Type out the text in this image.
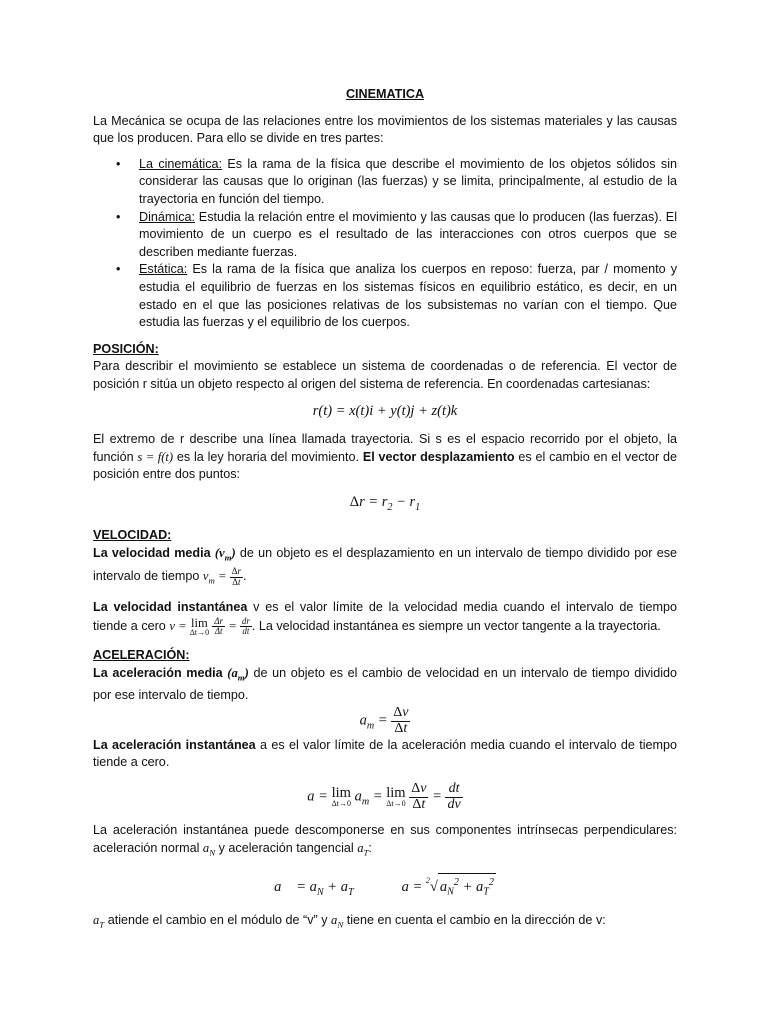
CINEMATICA

La Mecánica se ocupa de las relaciones entre los movimientos de los sistemas materiales y las causas que los producen. Para ello se divide en tres partes:

• La cinemática: Es la rama de la física que describe el movimiento de los objetos sólidos sin considerar las causas que lo originan (las fuerzas) y se limita, principalmente, al estudio de la trayectoria en función del tiempo.
• Dinámica: Estudia la relación entre el movimiento y las causas que lo producen (las fuerzas). El movimiento de un cuerpo es el resultado de las interacciones con otros cuerpos que se describen mediante fuerzas.
• Estática: Es la rama de la física que analiza los cuerpos en reposo: fuerza, par / momento y estudia el equilibrio de fuerzas en los sistemas físicos en equilibrio estático, es decir, en un estado en el que las posiciones relativas de los subsistemas no varían con el tiempo. Que estudia las fuerzas y el equilibrio de los cuerpos.
POSICIÓN:

Para describir el movimiento se establece un sistema de coordenadas o de referencia. El vector de posición r sitúa un objeto respecto al origen del sistema de referencia. En coordenadas cartesianas:

r(t) = x(t)i + y(t)j + z(t)k

El extremo de r describe una línea llamada trayectoria. Si s es el espacio recorrido por el objeto, la función s = f(t) es la ley horaria del movimiento. El vector desplazamiento es el cambio en el vector de posición entre dos puntos:

$\Delta r = r_2 - r_1$
VELOCIDAD:

La velocidad media $(v_m)$ de un objeto es el desplazamiento en un intervalo de tiempo dividido por ese intervalo de tiempo $v_m = \frac{\Delta r}{\Delta t}$ .

La velocidad instantánea v es el valor límite de la velocidad media cuando el intervalo de tiempo tiende a cero v = lim
Δt→0
$\frac{\Delta r}{\Delta t} = \frac{dr}{dt}$ . La velocidad instantánea es siempre un vector tangente a la trayectoria.

ACELERACIÓN:

La aceleración media $(a_m)$ de un objeto es el cambio de velocidad en un intervalo de tiempo dividido por ese intervalo de tiempo.

$a_m = \frac{\Delta v}{\Delta t}$

La aceleración instantánea a es el valor límite de la aceleración media cuando el intervalo de tiempo tiende a cero.

a = lim
Δt→0 $a_m = \lim$
Δt→0
$\frac{\Delta v}{\Delta t} = \frac{dt}{dv}$

La aceleración instantánea puede descomponerse en sus componentes intrínsecas perpendiculares: aceleración normal $a_N$ y aceleración tangencial $a_T$:

a⃗ = $a_N + a_T$	a = $^2$√ $a_N^2 + a_T^2$

$a_T$ atiende el cambio en el módulo de “v” y $a_N$ tiene en cuenta el cambio en la dirección de v:
